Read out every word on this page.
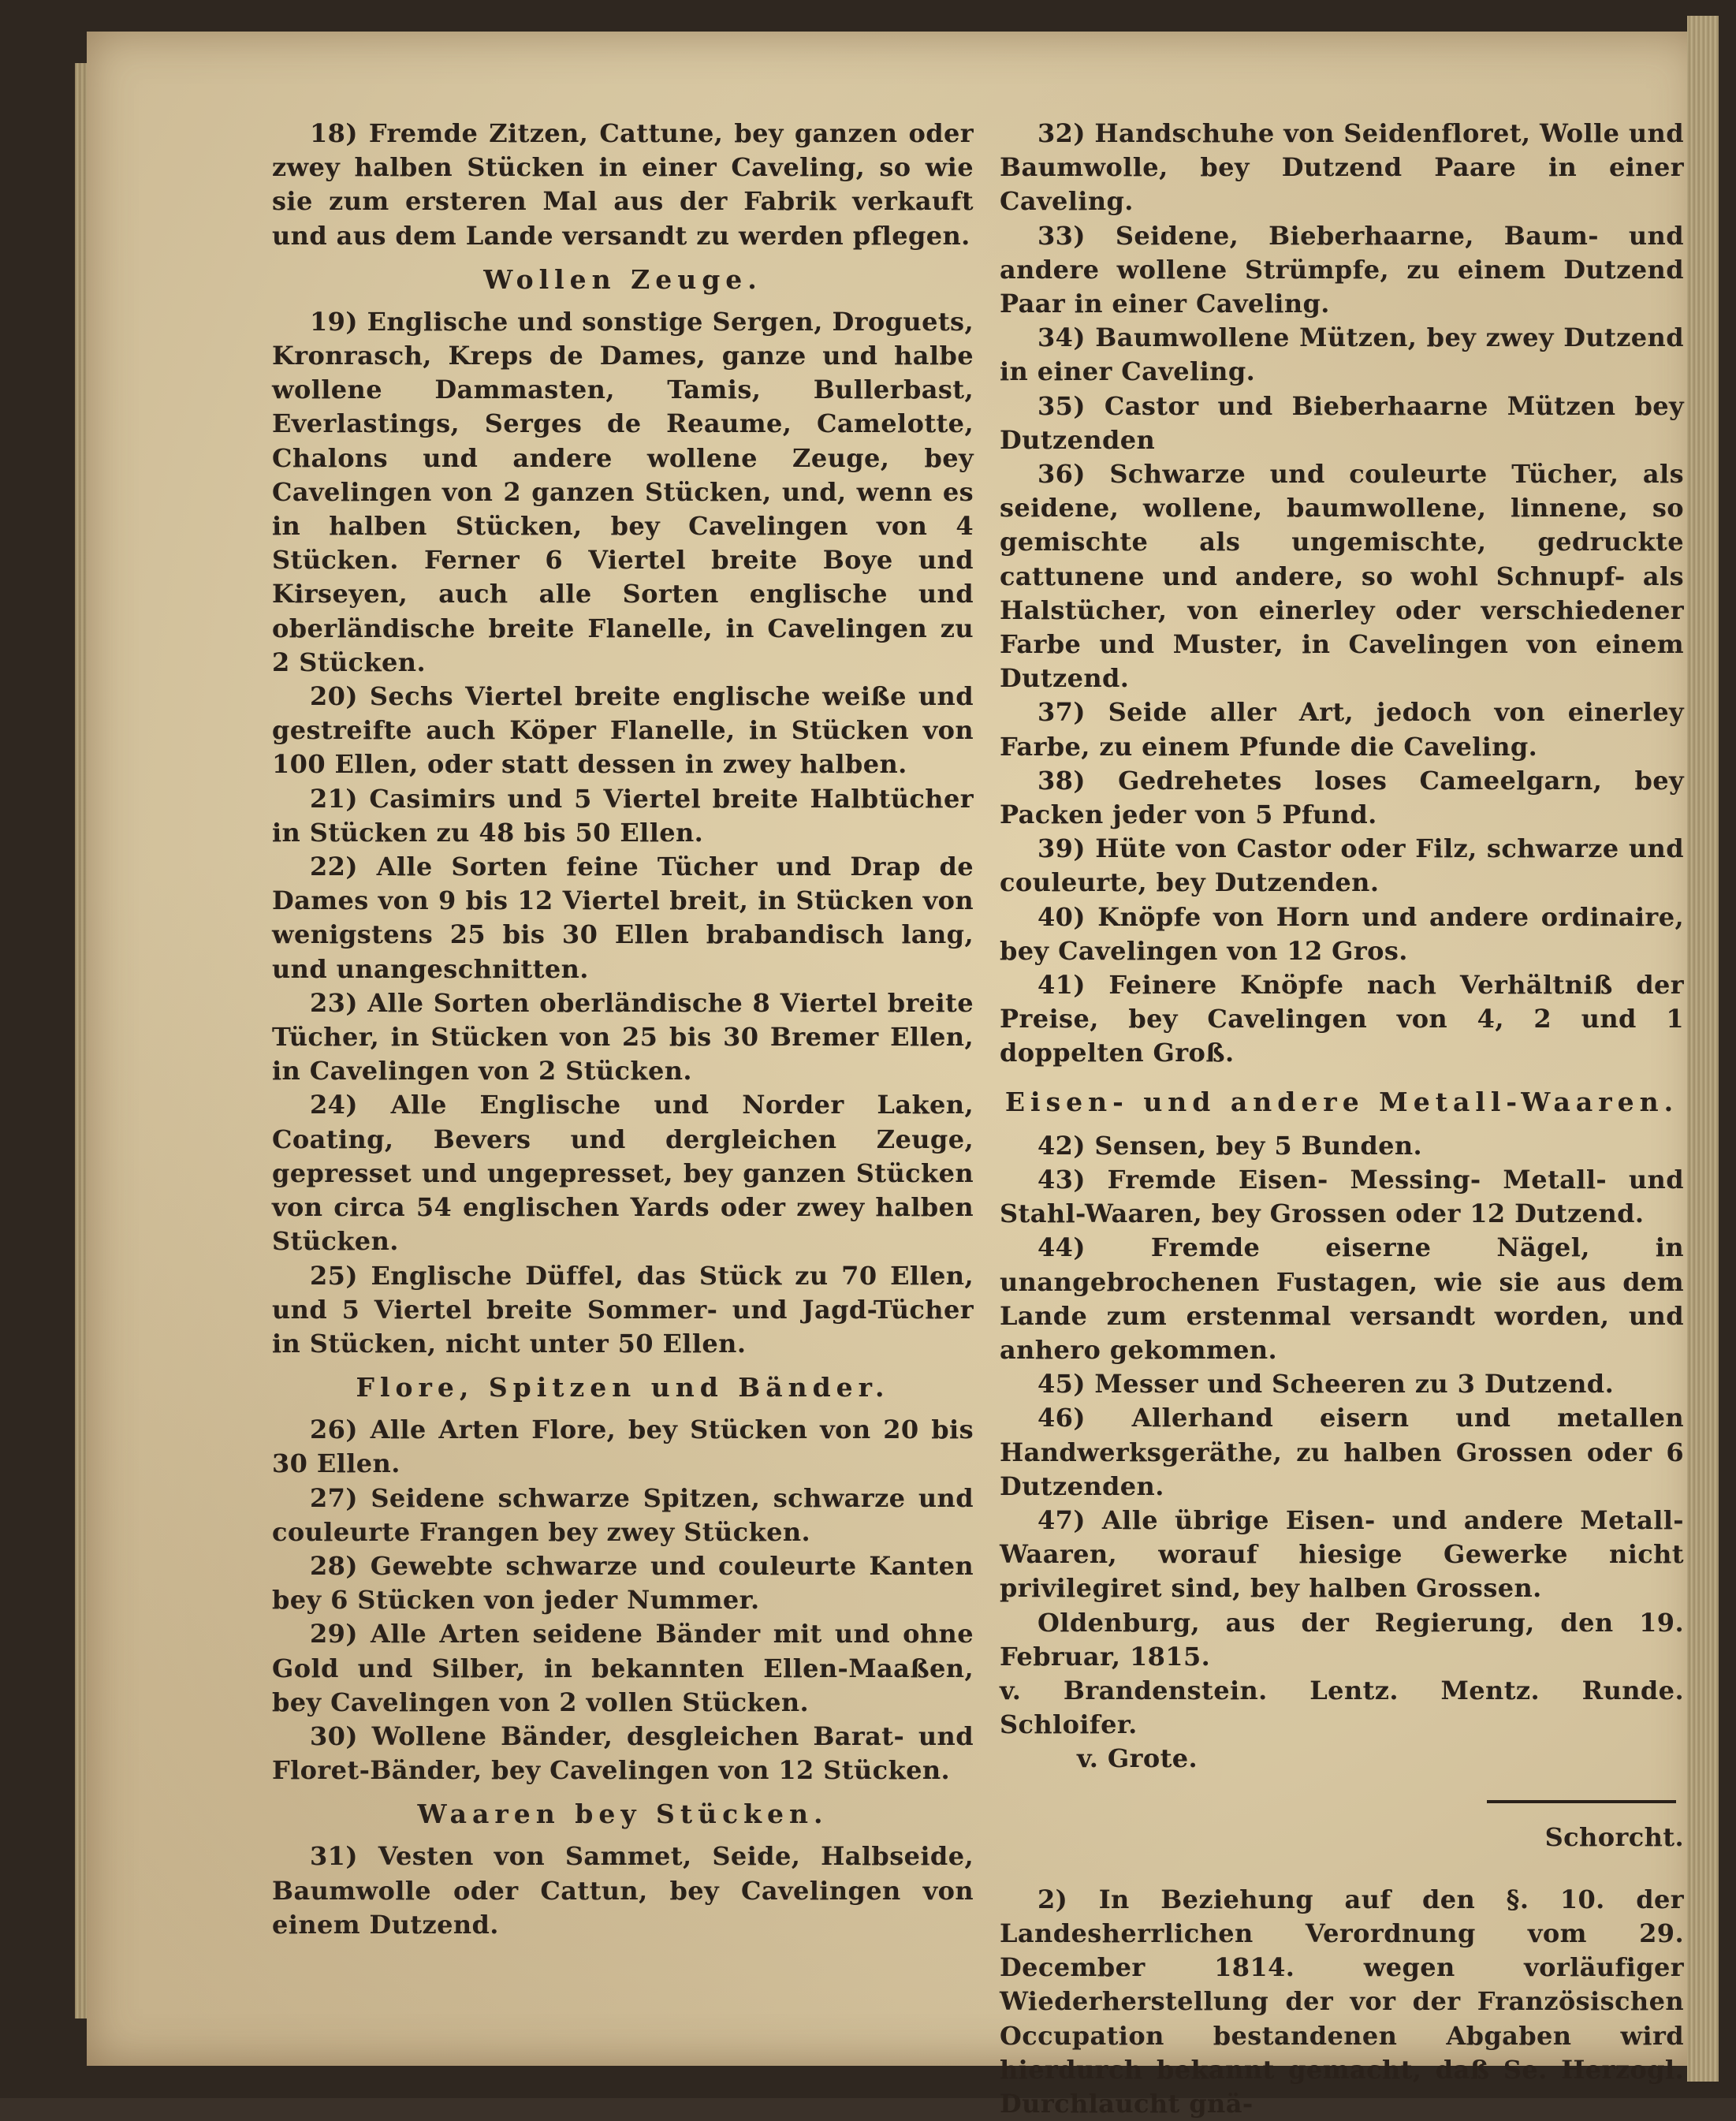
18) Fremde Zitzen, Cattune, bey ganzen oder zwey halben Stücken in einer Caveling, so wie sie zum ersteren Mal aus der Fabrik verkauft und aus dem Lande versandt zu werden pflegen.

Wollen Zeuge.

19) Englische und sonstige Sergen, Droguets, Kronrasch, Kreps de Dames, ganze und halbe wollene Dammasten, Tamis, Bullerbast, Everlastings, Serges de Reaume, Camelotte, Chalons und andere wollene Zeuge, bey Cavelingen von 2 ganzen Stücken, und, wenn es in halben Stücken, bey Cavelingen von 4 Stücken. Ferner 6 Viertel breite Boye und Kirseyen, auch alle Sorten englische und oberländische breite Flanelle, in Cavelingen zu 2 Stücken.

20) Sechs Viertel breite englische weiße und gestreifte auch Köper Flanelle, in Stücken von 100 Ellen, oder statt dessen in zwey halben.

21) Casimirs und 5 Viertel breite Halbtücher in Stücken zu 48 bis 50 Ellen.

22) Alle Sorten feine Tücher und Drap de Dames von 9 bis 12 Viertel breit, in Stücken von wenigstens 25 bis 30 Ellen brabandisch lang, und unangeschnitten.

23) Alle Sorten oberländische 8 Viertel breite Tücher, in Stücken von 25 bis 30 Bremer Ellen, in Cavelingen von 2 Stücken.

24) Alle Englische und Norder Laken, Coating, Bevers und dergleichen Zeuge, gepresset und ungepresset, bey ganzen Stücken von circa 54 englischen Yards oder zwey halben Stücken.

25) Englische Düffel, das Stück zu 70 Ellen, und 5 Viertel breite Sommer- und Jagd-Tücher in Stücken, nicht unter 50 Ellen.

Flore, Spitzen und Bänder.

26) Alle Arten Flore, bey Stücken von 20 bis 30 Ellen.

27) Seidene schwarze Spitzen, schwarze und couleurte Frangen bey zwey Stücken.

28) Gewebte schwarze und couleurte Kanten bey 6 Stücken von jeder Nummer.

29) Alle Arten seidene Bänder mit und ohne Gold und Silber, in bekannten Ellen-Maaßen, bey Cavelingen von 2 vollen Stücken.

30) Wollene Bänder, desgleichen Barat- und Floret-Bänder, bey Cavelingen von 12 Stücken.

Waaren bey Stücken.

31) Vesten von Sammet, Seide, Halbseide, Baumwolle oder Cattun, bey Cavelingen von einem Dutzend.

32) Handschuhe von Seidenfloret, Wolle und Baumwolle, bey Dutzend Paare in einer Caveling.

33) Seidene, Bieberhaarne, Baum- und andere wollene Strümpfe, zu einem Dutzend Paar in einer Caveling.

34) Baumwollene Mützen, bey zwey Dutzend in einer Caveling.

35) Castor und Bieberhaarne Mützen bey Dutzenden

36) Schwarze und couleurte Tücher, als seidene, wollene, baumwollene, linnene, so gemischte als ungemischte, gedruckte cattunene und andere, so wohl Schnupf- als Halstücher, von einerley oder verschiedener Farbe und Muster, in Cavelingen von einem Dutzend.

37) Seide aller Art, jedoch von einerley Farbe, zu einem Pfunde die Caveling.

38) Gedrehetes loses Cameelgarn, bey Packen jeder von 5 Pfund.

39) Hüte von Castor oder Filz, schwarze und couleurte, bey Dutzenden.

40) Knöpfe von Horn und andere ordinaire, bey Cavelingen von 12 Gros.

41) Feinere Knöpfe nach Verhältniß der Preise, bey Cavelingen von 4, 2 und 1 doppelten Groß.

Eisen- und andere Metall-Waaren.

42) Sensen, bey 5 Bunden.

43) Fremde Eisen- Messing- Metall- und Stahl-Waaren, bey Grossen oder 12 Dutzend.

44) Fremde eiserne Nägel, in unangebrochenen Fustagen, wie sie aus dem Lande zum erstenmal versandt worden, und anhero gekommen.

45) Messer und Scheeren zu 3 Dutzend.

46) Allerhand eisern und metallen Handwerksgeräthe, zu halben Grossen oder 6 Dutzenden.

47) Alle übrige Eisen- und andere Metall-Waaren, worauf hiesige Gewerke nicht privilegiret sind, bey halben Grossen.

Oldenburg, aus der Regierung, den 19. Februar, 1815.

v. Brandenstein. Lentz. Mentz. Runde. Schloifer.

v. Grote.

Schorcht.

2) In Beziehung auf den §. 10. der Landesherrlichen Verordnung vom 29. December 1814. wegen vorläufiger Wiederherstellung der vor der Französischen Occupation bestandenen Abgaben wird hierdurch bekannt gemacht, daß Se. Herzogl. Durchlaucht gnä-
